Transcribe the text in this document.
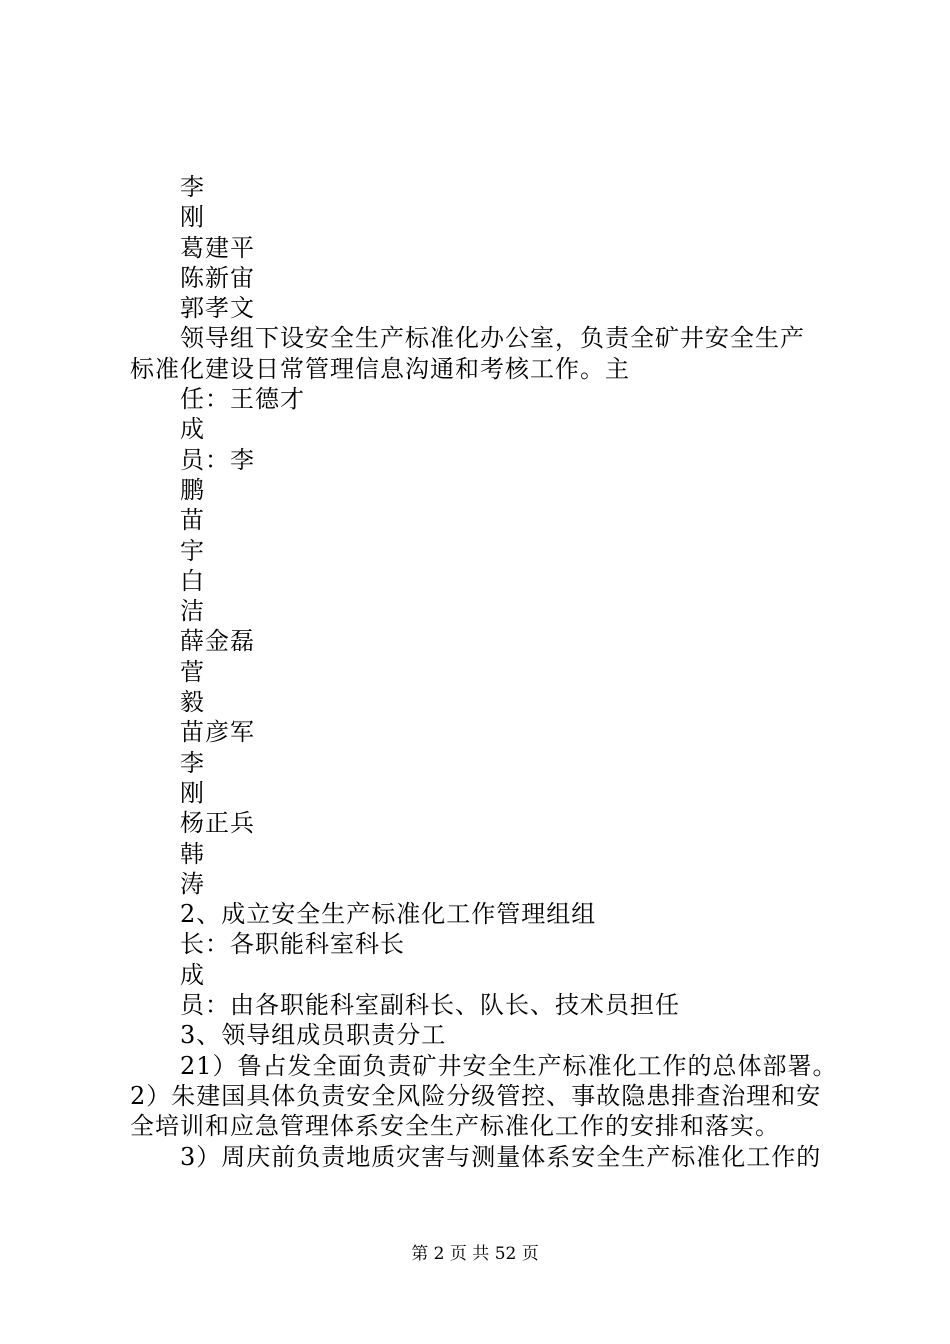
李
刚
葛建平
陈新宙
郭孝文
领导组下设安全生产标准化办公室，负责全矿井安全生产
标准化建设日常管理信息沟通和考核工作。主
任：王德才
成
员：李
鹏
苗
宇
白
洁
薛金磊
菅
毅
苗彦军
李
刚
杨正兵
韩
涛
2、成立安全生产标准化工作管理组组
长：各职能科室科长
成
员：由各职能科室副科长、队长、技术员担任
3、领导组成员职责分工
21）鲁占发全面负责矿井安全生产标准化工作的总体部署。
2）朱建国具体负责安全风险分级管控、事故隐患排查治理和安
全培训和应急管理体系安全生产标准化工作的安排和落实。
3）周庆前负责地质灾害与测量体系安全生产标准化工作的
第 2 页 共 52 页
